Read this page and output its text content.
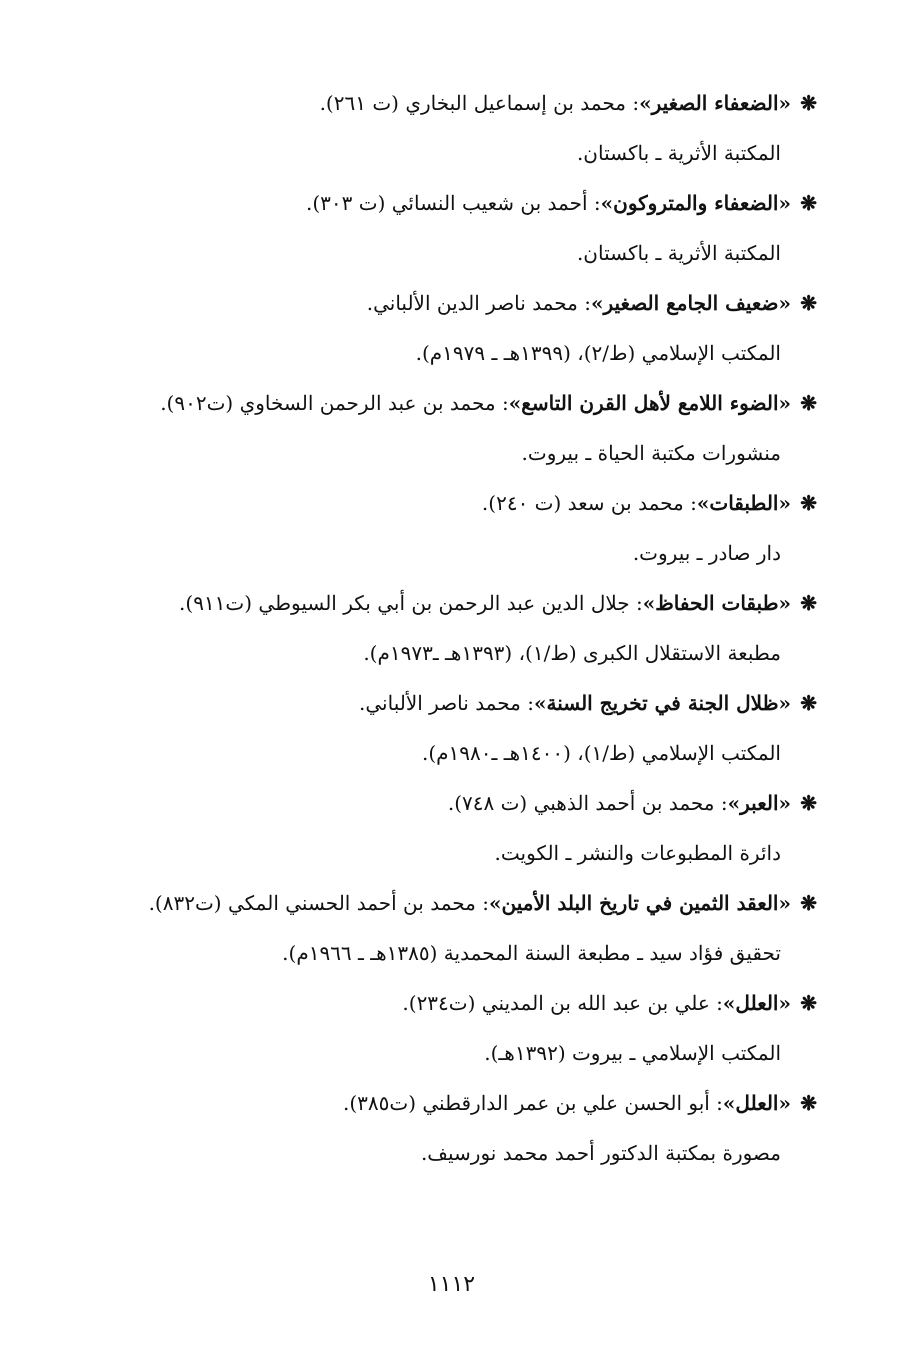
❋«الضعفاء الصغير»: محمد بن إسماعيل البخاري (ت ٢٦١).
المكتبة الأثرية ـ باكستان.
❋«الضعفاء والمتروكون»: أحمد بن شعيب النسائي (ت ٣٠٣).
المكتبة الأثرية ـ باكستان.
❋«ضعيف الجامع الصغير»: محمد ناصر الدين الألباني.
المكتب الإسلامي (ط/٢)، (١٣٩٩هـ ـ ١٩٧٩م).
❋«الضوء اللامع لأهل القرن التاسع»: محمد بن عبد الرحمن السخاوي (ت٩٠٢).
منشورات مكتبة الحياة ـ بيروت.
❋«الطبقات»: محمد بن سعد (ت ٢٤٠).
دار صادر ـ بيروت.
❋«طبقات الحفاظ»: جلال الدين عبد الرحمن بن أبي بكر السيوطي (ت٩١١).
مطبعة الاستقلال الكبرى (ط/١)، (١٣٩٣هـ ـ١٩٧٣م).
❋«ظلال الجنة في تخريج السنة»: محمد ناصر الألباني.
المكتب الإسلامي (ط/١)، (١٤٠٠هـ ـ١٩٨٠م).
❋«العبر»: محمد بن أحمد الذهبي (ت ٧٤٨).
دائرة المطبوعات والنشر ـ الكويت.
❋«العقد الثمين في تاريخ البلد الأمين»: محمد بن أحمد الحسني المكي (ت٨٣٢).
تحقيق فؤاد سيد ـ مطبعة السنة المحمدية (١٣٨٥هـ ـ ١٩٦٦م).
❋«العلل»: علي بن عبد الله بن المديني (ت٢٣٤).
المكتب الإسلامي ـ بيروت (١٣٩٢هـ).
❋«العلل»: أبو الحسن علي بن عمر الدارقطني (ت٣٨٥).
مصورة بمكتبة الدكتور أحمد محمد نورسيف.
١١١٢
